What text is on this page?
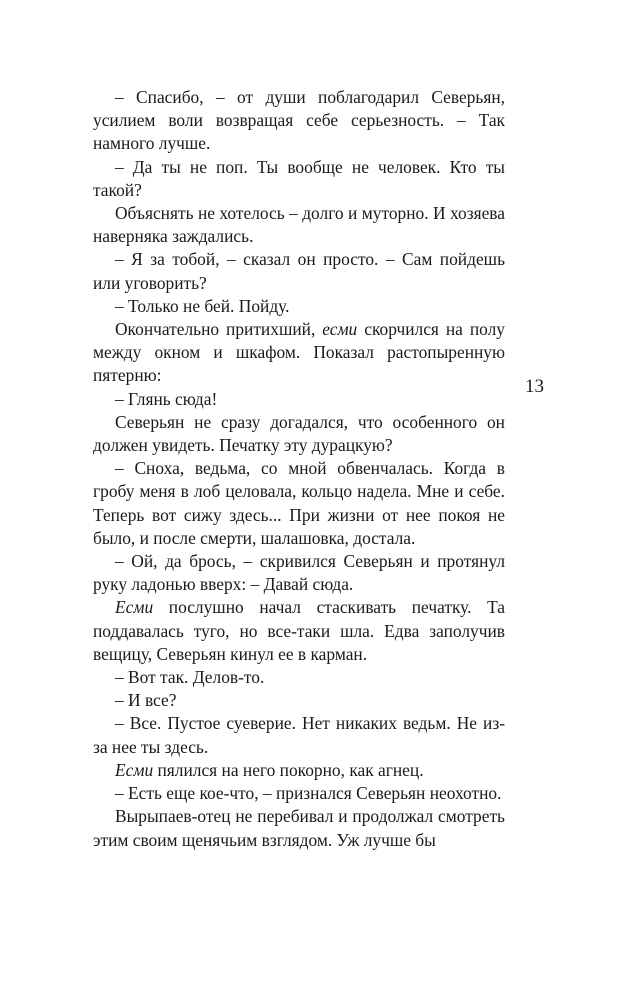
– Спасибо, – от души поблагодарил Северьян, усилием воли возвращая себе серьезность. – Так намного лучше.

– Да ты не поп. Ты вообще не человек. Кто ты такой?

Объяснять не хотелось – долго и муторно. И хозяева наверняка заждались.

– Я за тобой, – сказал он просто. – Сам пойдешь или уговорить?

– Только не бей. Пойду.

Окончательно притихший, есми скорчился на полу между окном и шкафом. Показал растопыренную пятерню:

– Глянь сюда!

Северьян не сразу догадался, что особенного он должен увидеть. Печатку эту дурацкую?

– Сноха, ведьма, со мной обвенчалась. Когда в гробу меня в лоб целовала, кольцо надела. Мне и себе. Теперь вот сижу здесь... При жизни от нее покоя не было, и после смерти, шалашовка, достала.

– Ой, да брось, – скривился Северьян и протянул руку ладонью вверх: – Давай сюда.

Есми послушно начал стаскивать печатку. Та поддавалась туго, но все-таки шла. Едва заполучив вещицу, Северьян кинул ее в карман.

– Вот так. Делов-то.

– И все?

– Все. Пустое суеверие. Нет никаких ведьм. Не из-за нее ты здесь.

Есми пялился на него покорно, как агнец.

– Есть еще кое-что, – признался Северьян неохотно.

Вырыпаев-отец не перебивал и продолжал смотреть этим своим щенячьим взглядом. Уж лучше бы

13
